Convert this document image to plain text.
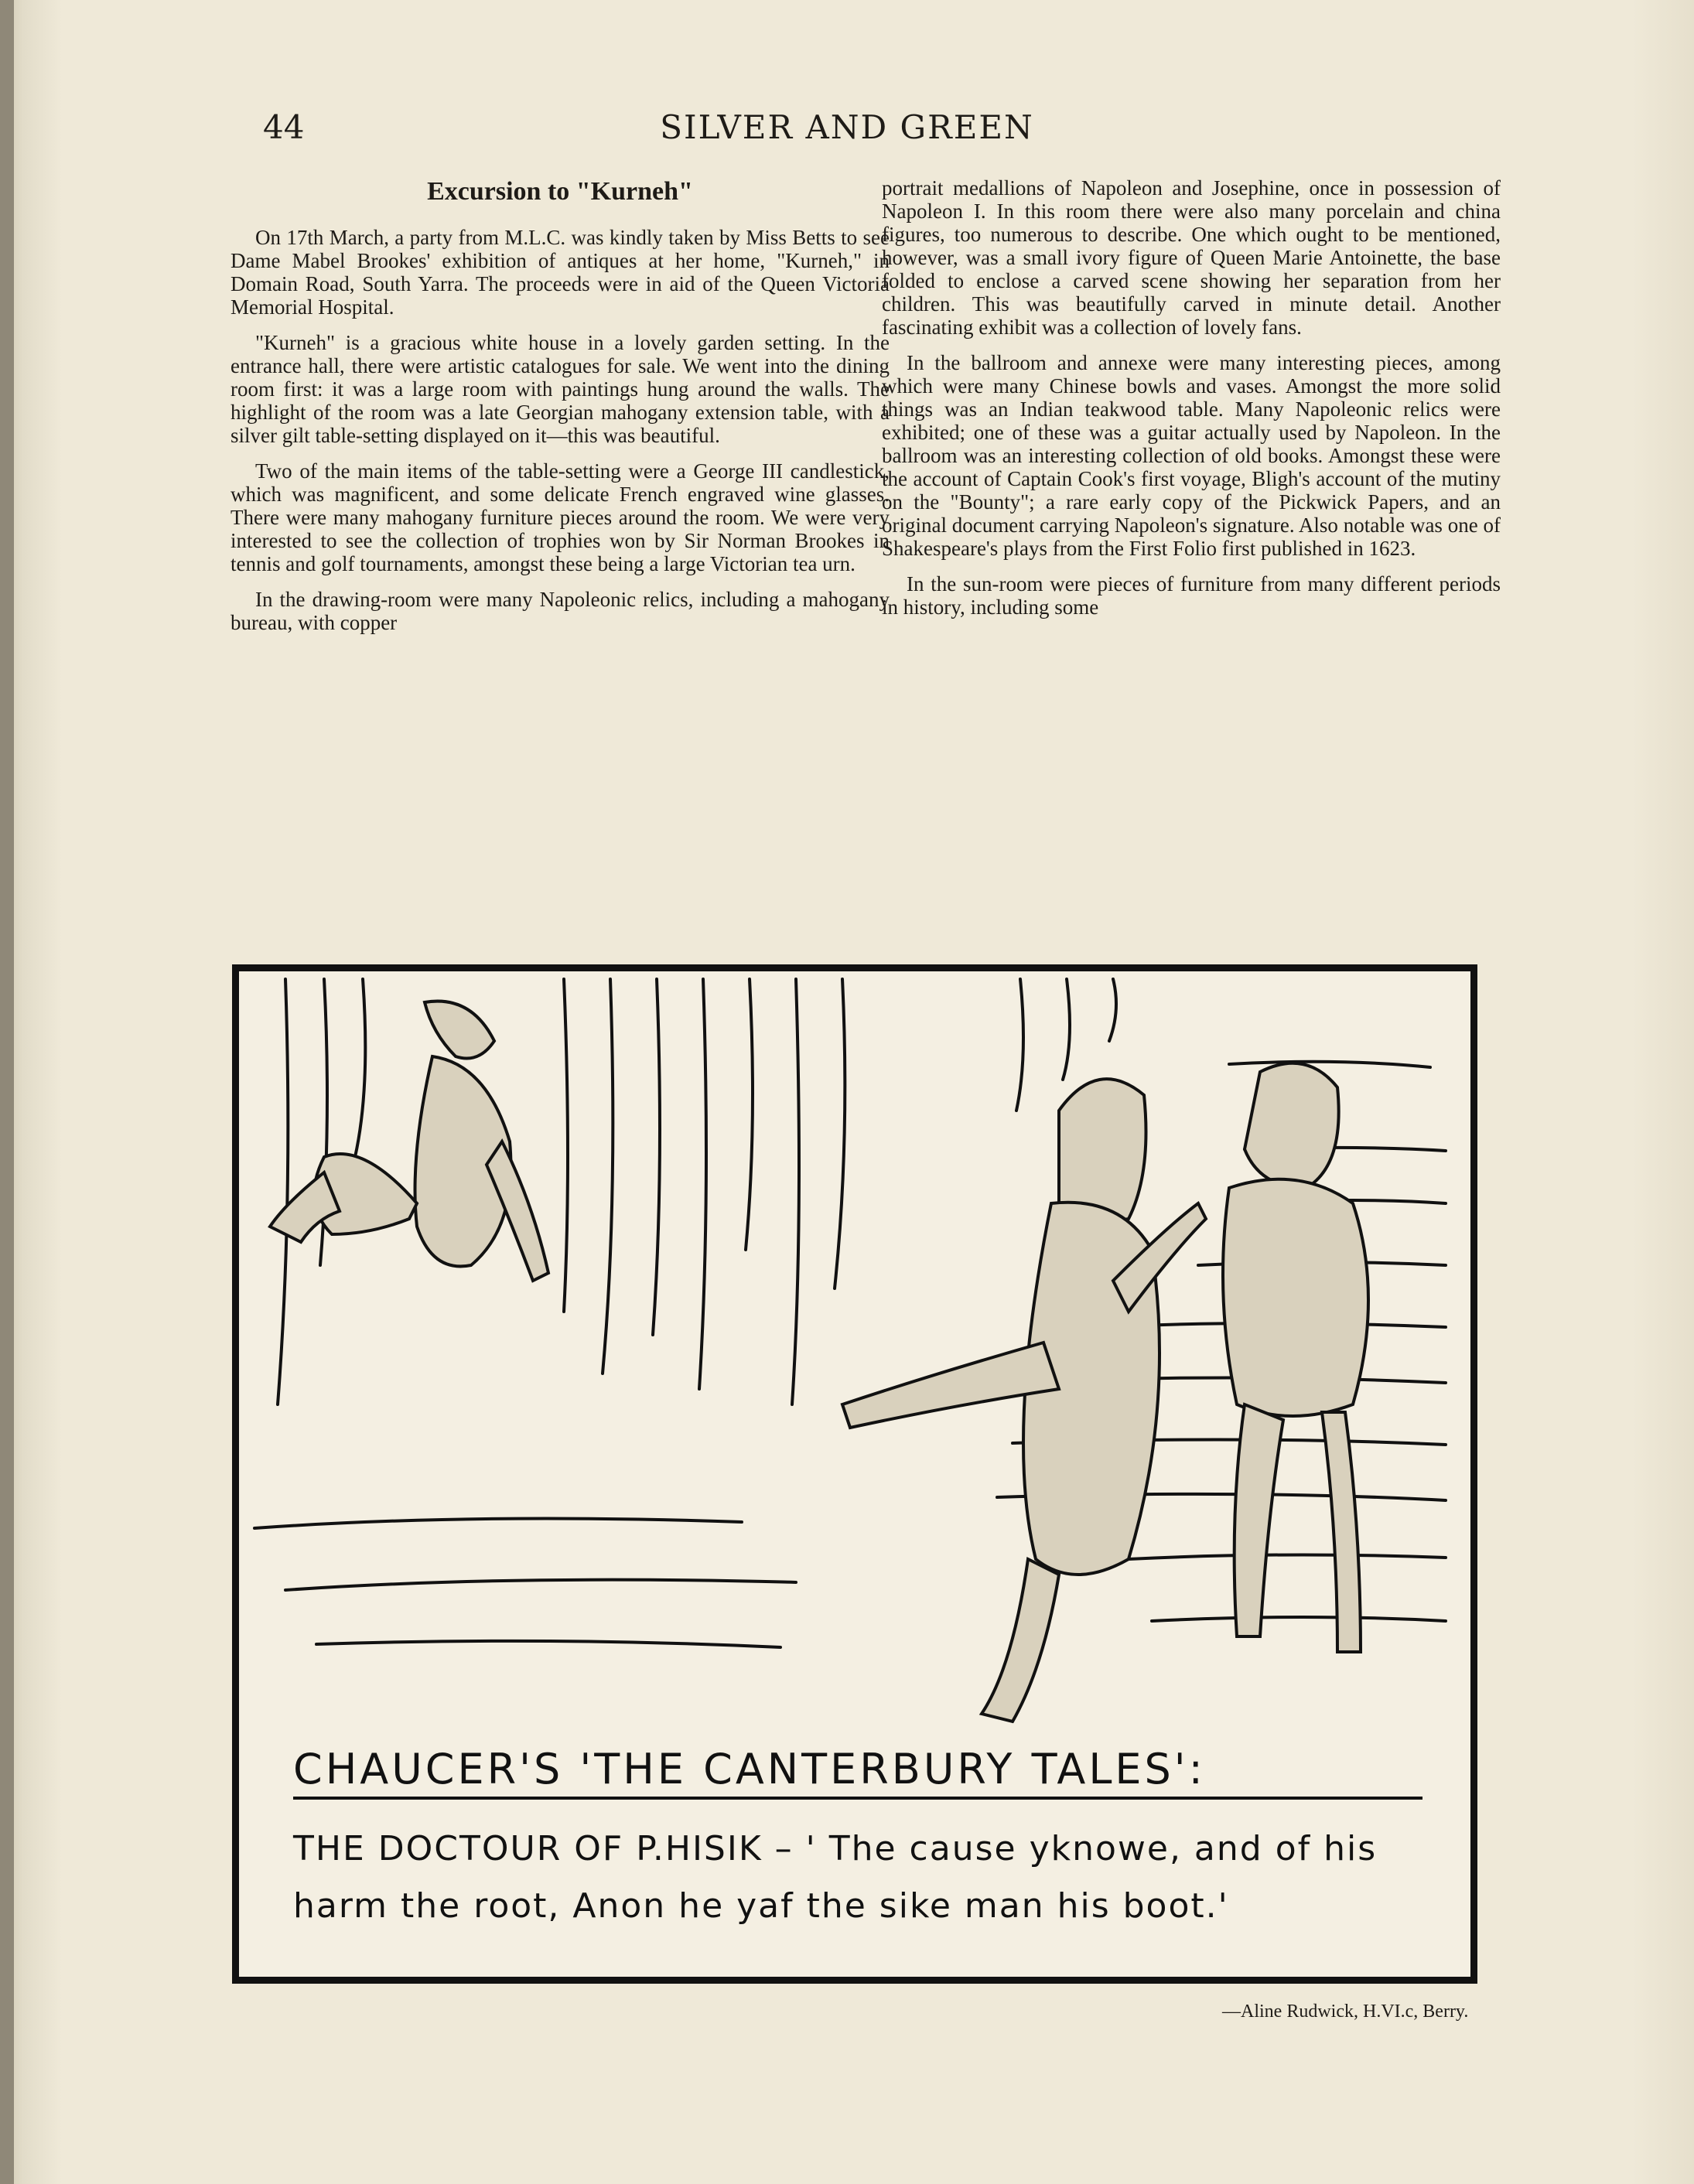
44	SILVER AND GREEN
Excursion to "Kurneh"

On 17th March, a party from M.L.C. was kindly taken by Miss Betts to see Dame Mabel Brookes' exhibition of antiques at her home, "Kurneh," in Domain Road, South Yarra. The proceeds were in aid of the Queen Victoria Memorial Hospital.

"Kurneh" is a gracious white house in a lovely garden setting. In the entrance hall, there were artistic catalogues for sale. We went into the dining room first: it was a large room with paintings hung around the walls. The highlight of the room was a late Georgian mahogany extension table, with a silver gilt table-setting displayed on it—this was beautiful.

Two of the main items of the table-setting were a George III candlestick, which was magnificent, and some delicate French engraved wine glasses. There were many mahogany furniture pieces around the room. We were very interested to see the collection of trophies won by Sir Norman Brookes in tennis and golf tournaments, amongst these being a large Victorian tea urn.

In the drawing-room were many Napoleonic relics, including a mahogany bureau, with copper

portrait medallions of Napoleon and Josephine, once in possession of Napoleon I. In this room there were also many porcelain and china figures, too numerous to describe. One which ought to be mentioned, however, was a small ivory figure of Queen Marie Antoinette, the base folded to enclose a carved scene showing her separation from her children. This was beautifully carved in minute detail. Another fascinating exhibit was a collection of lovely fans.

In the ballroom and annexe were many interesting pieces, among which were many Chinese bowls and vases. Amongst the more solid things was an Indian teakwood table. Many Napoleonic relics were exhibited; one of these was a guitar actually used by Napoleon. In the ballroom was an interesting collection of old books. Amongst these were the account of Captain Cook's first voyage, Bligh's account of the mutiny on the "Bounty"; a rare early copy of the Pickwick Papers, and an original document carrying Napoleon's signature. Also notable was one of Shakespeare's plays from the First Folio first published in 1623.

In the sun-room were pieces of furniture from many different periods in history, including some

CHAUCER'S 'THE CANTERBURY TALES':
THE DOCTOUR OF P.HISIK – ' The cause yknowe, and of his harm the root, Anon he yaf the sike man his boot.'
—Aline Rudwick, H.VI.c, Berry.
